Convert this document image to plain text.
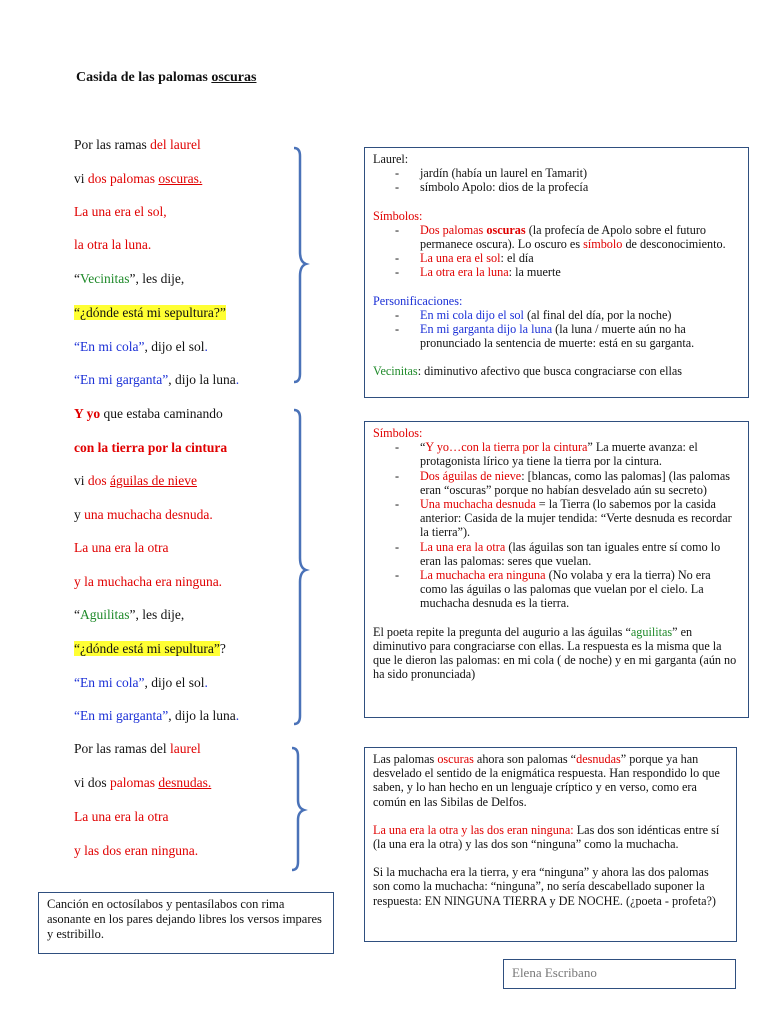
Casida de las palomas oscuras
Por las ramas del laurel
vi dos palomas oscuras.
La una era el sol,
la otra la luna.
“Vecinitas”, les dije,
“¿dónde está mi sepultura?”
“En mi cola”, dijo el sol.
“En mi garganta”, dijo la luna.
Y yo que estaba caminando
con la tierra por la cintura
vi dos águilas de nieve
y una muchacha desnuda.
La una era la otra
y la muchacha era ninguna.
“Aguilitas”, les dije,
“¿dónde está mi sepultura”?
“En mi cola”, dijo el sol.
“En mi garganta”, dijo la luna.
Por las ramas del laurel
vi dos palomas desnudas.
La una era la otra
y las dos eran ninguna.

Canción en octosílabos y pentasílabos con rima asonante en los pares dejando libres los versos impares y estribillo.

Laurel:

- jardín (había un laurel en Tamarit)
- símbolo Apolo: dios de la profecía

Símbolos:

- Dos palomas oscuras (la profecía de Apolo sobre el futuro permanece oscura). Lo oscuro es símbolo de desconocimiento.
- La una era el sol: el día
- La otra era la luna: la muerte

Personificaciones:

- En mi cola dijo el sol (al final del día, por la noche)
- En mi garganta dijo la luna (la luna / muerte aún no ha pronunciado la sentencia de muerte: está en su garganta.

Vecinitas: diminutivo afectivo que busca congraciarse con ellas

Símbolos:

- “Y yo…con la tierra por la cintura” La muerte avanza: el protagonista lírico ya tiene la tierra por la cintura.
- Dos águilas de nieve: [blancas, como las palomas] (las palomas eran “oscuras” porque no habían desvelado aún su secreto)
- Una muchacha desnuda = la Tierra (lo sabemos por la casida anterior: Casida de la mujer tendida: “Verte desnuda es recordar la tierra”).
- La una era la otra (las águilas son tan iguales entre sí como lo eran las palomas: seres que vuelan.
- La muchacha era ninguna (No volaba y era la tierra) No era como las águilas o las palomas que vuelan por el cielo. La muchacha desnuda es la tierra.

El poeta repite la pregunta del augurio a las águilas “aguilitas” en diminutivo para congraciarse con ellas. La respuesta es la misma que la que le dieron las palomas: en mi cola ( de noche) y en mi garganta (aún no ha sido pronunciada)

Las palomas oscuras ahora son palomas “desnudas” porque ya han desvelado el sentido de la enigmática respuesta. Han respondido lo que saben, y lo han hecho en un lenguaje críptico y en verso, como era común en las Sibilas de Delfos.

La una era la otra y las dos eran ninguna: Las dos son idénticas entre sí (la una era la otra) y las dos son “ninguna” como la muchacha.

Si la muchacha era la tierra, y era “ninguna” y ahora las dos palomas son como la muchacha: “ninguna”, no sería descabellado suponer la respuesta: EN NINGUNA TIERRA y DE NOCHE. (¿poeta - profeta?)

Elena Escribano
